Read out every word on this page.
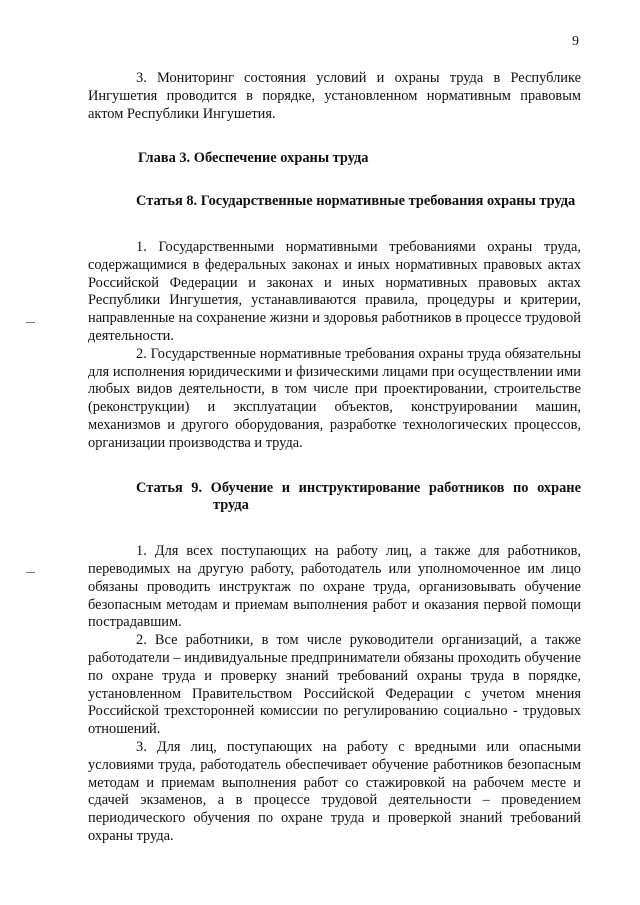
9

3. Мониторинг состояния условий и охраны труда в Республике Ингушетия проводится в порядке, установленном нормативным правовым актом Республики Ингушетия.

Глава 3. Обеспечение охраны труда

Статья 8. Государственные нормативные требования охраны труда

1. Государственными нормативными требованиями охраны труда, содержащимися в федеральных законах и иных нормативных правовых актах Российской Федерации и законах и иных нормативных правовых актах Республики Ингушетия, устанавливаются правила, процедуры и критерии, направленные на сохранение жизни и здоровья работников в процессе трудовой деятельности.

2. Государственные нормативные требования охраны труда обязательны для исполнения юридическими и физическими лицами при осуществлении ими любых видов деятельности, в том числе при проектировании, строительстве (реконструкции) и эксплуатации объектов, конструировании машин, механизмов и другого оборудования, разработке технологических процессов, организации производства и труда.

Статья 9. Обучение и инструктирование работников по охране труда

1. Для всех поступающих на работу лиц, а также для работников, переводимых на другую работу, работодатель или уполномоченное им лицо обязаны проводить инструктаж по охране труда, организовывать обучение безопасным методам и приемам выполнения работ и оказания первой помощи пострадавшим.

2. Все работники, в том числе руководители организаций, а также работодатели – индивидуальные предприниматели обязаны проходить обучение по охране труда и проверку знаний требований охраны труда в порядке, установленном Правительством Российской Федерации с учетом мнения Российской трехсторонней комиссии по регулированию социально - трудовых отношений.

3. Для лиц, поступающих на работу с вредными или опасными условиями труда, работодатель обеспечивает обучение работников безопасным методам и приемам выполнения работ со стажировкой на рабочем месте и сдачей экзаменов, а в процессе трудовой деятельности – проведением периодического обучения по охране труда и проверкой знаний требований охраны труда.
